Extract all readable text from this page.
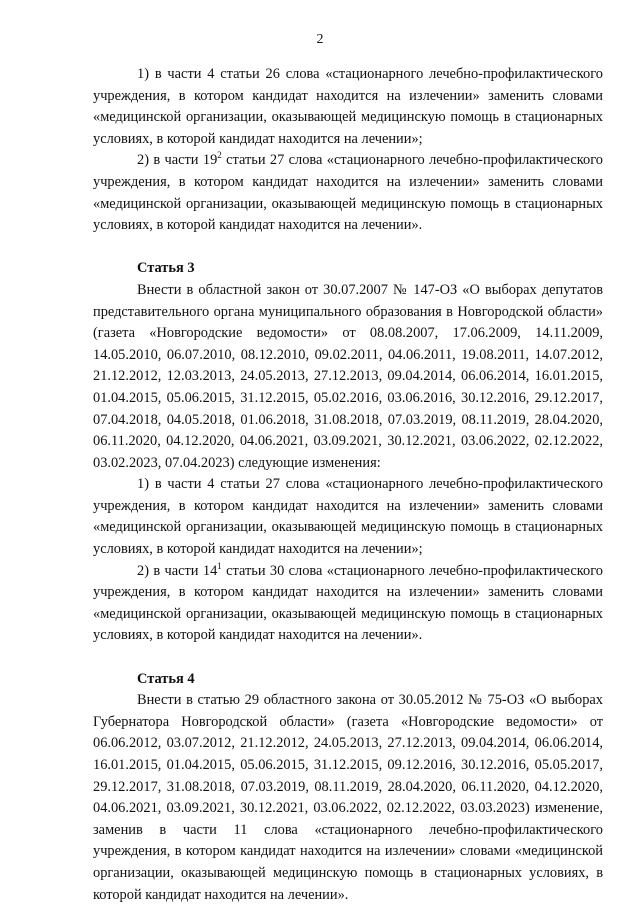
2

1) в части 4 статьи 26 слова «стационарного лечебно-профилактического учреждения, в котором кандидат находится на излечении» заменить словами «медицинской организации, оказывающей медицинскую помощь в стационарных условиях, в которой кандидат находится на лечении»;

2) в части $19^2$ статьи 27 слова «стационарного лечебно-профилактического учреждения, в котором кандидат находится на излечении» заменить словами «медицинской организации, оказывающей медицинскую помощь в стационарных условиях, в которой кандидат находится на лечении».

Статья 3

Внести в областной закон от 30.07.2007 № 147-ОЗ «О выборах депутатов представительного органа муниципального образования в Новгородской области» (газета «Новгородские ведомости» от 08.08.2007, 17.06.2009, 14.11.2009, 14.05.2010, 06.07.2010, 08.12.2010, 09.02.2011, 04.06.2011, 19.08.2011, 14.07.2012, 21.12.2012, 12.03.2013, 24.05.2013, 27.12.2013, 09.04.2014, 06.06.2014, 16.01.2015, 01.04.2015, 05.06.2015, 31.12.2015, 05.02.2016, 03.06.2016, 30.12.2016, 29.12.2017, 07.04.2018, 04.05.2018, 01.06.2018, 31.08.2018, 07.03.2019, 08.11.2019, 28.04.2020, 06.11.2020, 04.12.2020, 04.06.2021, 03.09.2021, 30.12.2021, 03.06.2022, 02.12.2022, 03.02.2023, 07.04.2023) следующие изменения:

1) в части 4 статьи 27 слова «стационарного лечебно-профилактического учреждения, в котором кандидат находится на излечении» заменить словами «медицинской организации, оказывающей медицинскую помощь в стационарных условиях, в которой кандидат находится на лечении»;

2) в части $14^1$ статьи 30 слова «стационарного лечебно-профилактического учреждения, в котором кандидат находится на излечении» заменить словами «медицинской организации, оказывающей медицинскую помощь в стационарных условиях, в которой кандидат находится на лечении».

Статья 4

Внести в статью 29 областного закона от 30.05.2012 № 75-ОЗ «О выборах Губернатора Новгородской области» (газета «Новгородские ведомости» от 06.06.2012, 03.07.2012, 21.12.2012, 24.05.2013, 27.12.2013, 09.04.2014, 06.06.2014, 16.01.2015, 01.04.2015, 05.06.2015, 31.12.2015, 09.12.2016, 30.12.2016, 05.05.2017, 29.12.2017, 31.08.2018, 07.03.2019, 08.11.2019, 28.04.2020, 06.11.2020, 04.12.2020, 04.06.2021, 03.09.2021, 30.12.2021, 03.06.2022, 02.12.2022, 03.03.2023) изменение, заменив в части 11 слова «стационарного лечебно-профилактического учреждения, в котором кандидат находится на излечении» словами «медицинской организации, оказывающей медицинскую помощь в стационарных условиях, в которой кандидат находится на лечении».
